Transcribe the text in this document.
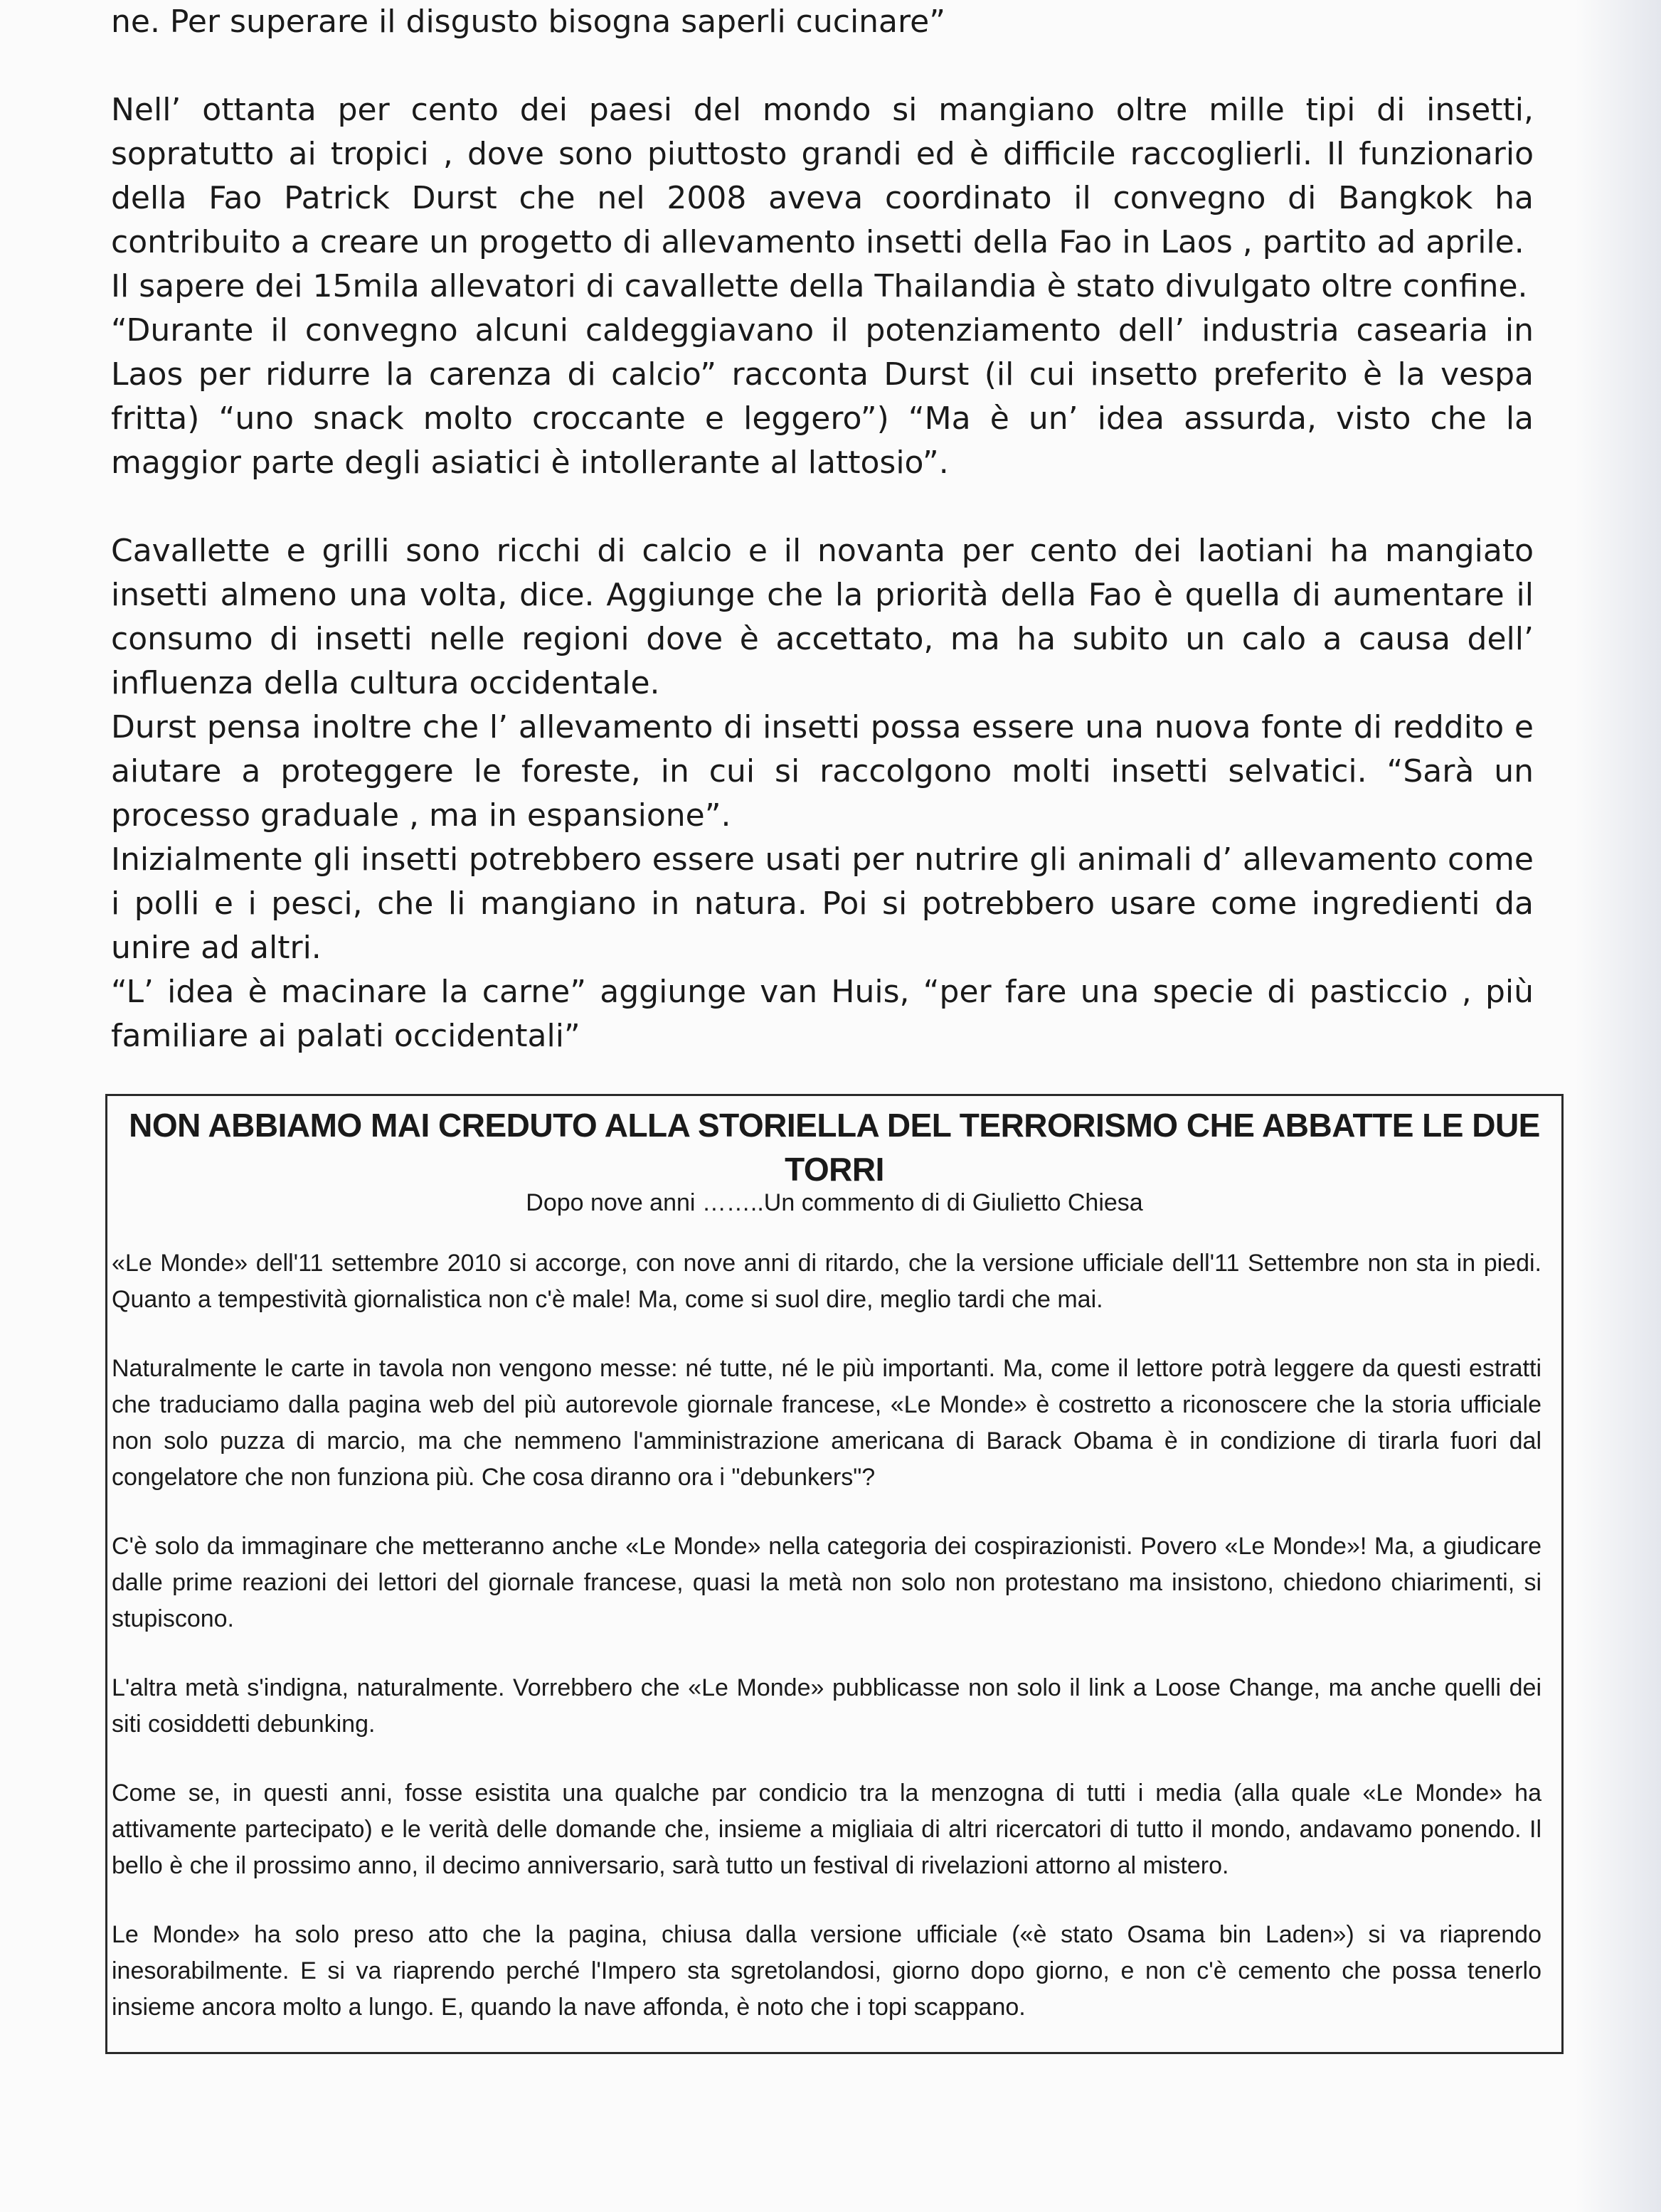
ne. Per superare il disgusto bisogna saperli cucinare”

Nell’ ottanta per cento dei paesi del mondo si mangiano oltre mille tipi di insetti, sopratutto ai tropici , dove sono piuttosto grandi ed è difficile raccoglierli. Il funzionario della Fao Patrick Durst che nel 2008 aveva coordinato il convegno di Bangkok ha contribuito a creare un progetto di allevamento insetti della Fao in Laos , partito ad aprile.

Il sapere dei 15mila allevatori di cavallette della Thailandia è stato divulgato oltre confine.

“Durante il convegno alcuni caldeggiavano il potenziamento dell’ industria casearia in Laos per ridurre la carenza di calcio” racconta Durst (il cui insetto preferito è la vespa fritta) “uno snack molto croccante e leggero”) “Ma è un’ idea assurda, visto che la maggior parte degli asiatici è intollerante al lattosio”.

Cavallette e grilli sono ricchi di calcio e il novanta per cento dei laotiani ha mangiato insetti almeno una volta, dice. Aggiunge che la priorità della Fao è quella di aumentare il consumo di insetti nelle regioni dove è accettato, ma ha subito un calo a causa dell’ influenza della cultura occidentale.

Durst pensa inoltre che l’ allevamento di insetti possa essere una nuova fonte di reddito e aiutare a proteggere le foreste, in cui si raccolgono molti insetti selvatici. “Sarà un processo graduale , ma in espansione”.

Inizialmente gli insetti potrebbero essere usati per nutrire gli animali d’ allevamento come i polli e i pesci, che li mangiano in natura. Poi si potrebbero usare come ingredienti da unire ad altri.

“L’ idea è macinare la carne” aggiunge van Huis, “per fare una specie di pasticcio , più familiare ai palati occidentali”

NON ABBIAMO MAI CREDUTO ALLA STORIELLA DEL TERRORISMO CHE ABBATTE LE DUE TORRI
Dopo nove anni ……..Un commento di di Giulietto Chiesa

«Le Monde» dell'11 settembre 2010 si accorge, con nove anni di ritardo, che la versione ufficiale dell'11 Settembre non sta in piedi. Quanto a tempestività giornalistica non c'è male! Ma, come si suol dire, meglio tardi che mai.

Naturalmente le carte in tavola non vengono messe: né tutte, né le più importanti. Ma, come il lettore potrà leggere da questi estratti che traduciamo dalla pagina web del più autorevole giornale francese, «Le Monde» è costretto a riconoscere che la storia ufficiale non solo puzza di marcio, ma che nemmeno l'amministrazione americana di Barack Obama è in condizione di tirarla fuori dal congelatore che non funziona più. Che cosa diranno ora i "debunkers"?

C'è solo da immaginare che metteranno anche «Le Monde» nella categoria dei cospirazionisti. Povero «Le Monde»! Ma, a giudicare dalle prime reazioni dei lettori del giornale francese, quasi la metà non solo non protestano ma insistono, chiedono chiarimenti, si stupiscono.

L'altra metà s'indigna, naturalmente. Vorrebbero che «Le Monde» pubblicasse non solo il link a Loose Change, ma anche quelli dei siti cosiddetti debunking.

Come se, in questi anni, fosse esistita una qualche par condicio tra la menzogna di tutti i media (alla quale «Le Monde» ha attivamente partecipato) e le verità delle domande che, insieme a migliaia di altri ricercatori di tutto il mondo, andavamo ponendo. Il bello è che il prossimo anno, il decimo anniversario, sarà tutto un festival di rivelazioni attorno al mistero.

Le Monde» ha solo preso atto che la pagina, chiusa dalla versione ufficiale («è stato Osama bin Laden») si va riaprendo inesorabilmente. E si va riaprendo perché l'Impero sta sgretolandosi, giorno dopo giorno, e non c'è cemento che possa tenerlo insieme ancora molto a lungo. E, quando la nave affonda, è noto che i topi scappano.
